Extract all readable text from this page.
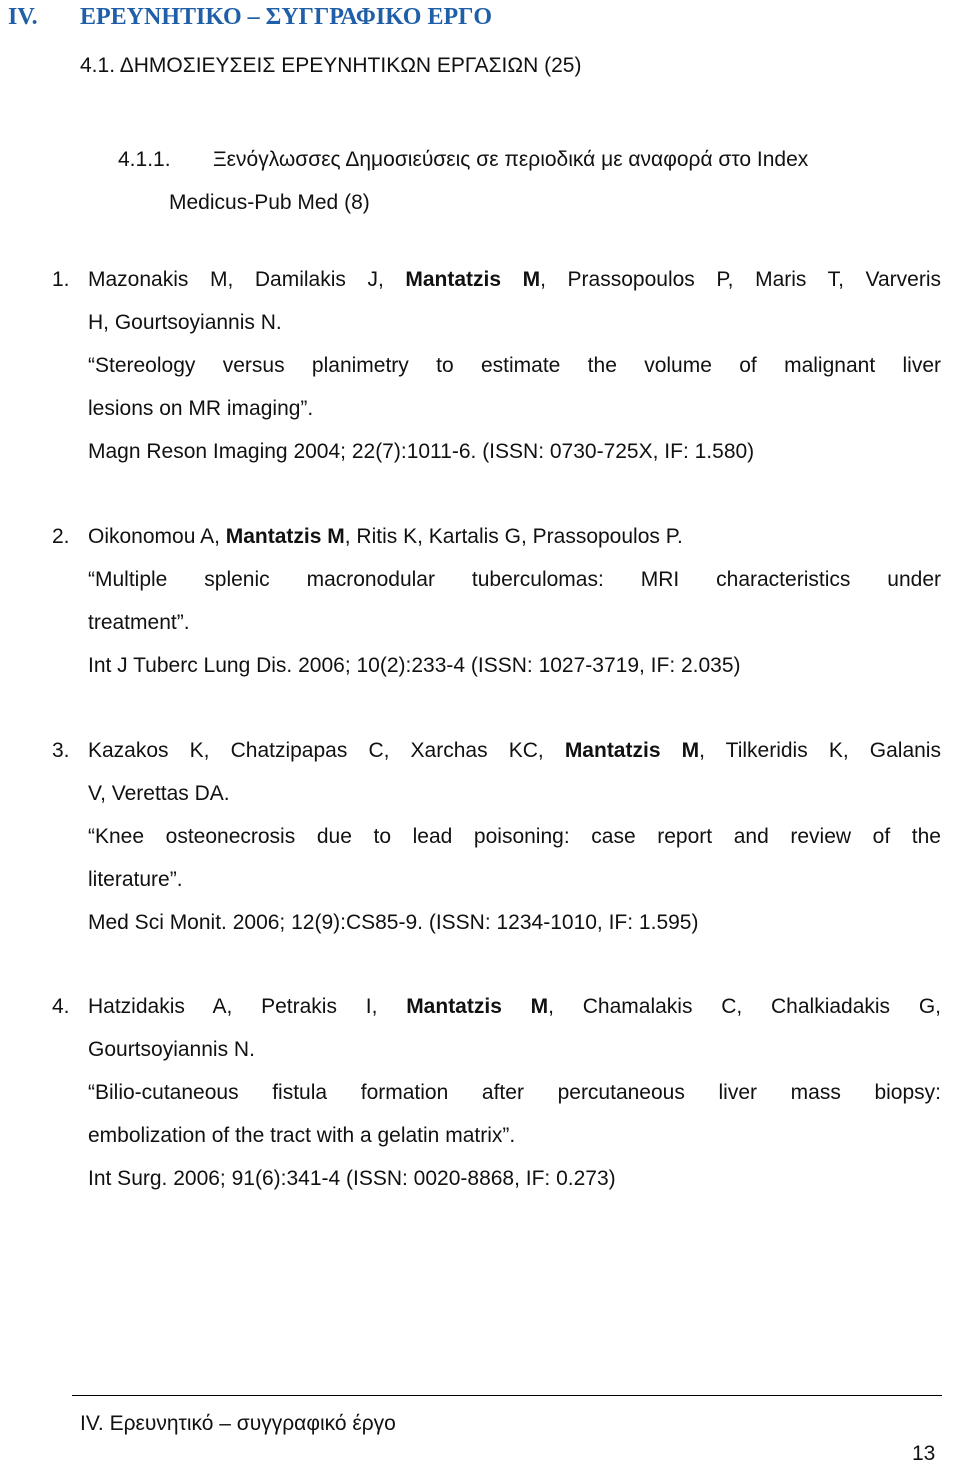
IV. ΕΡΕΥΝΗΤΙΚΟ – ΣΥΓΓΡΑΦΙΚΟ ΕΡΓΟ
4.1. ΔΗΜΟΣΙΕΥΣΕΙΣ ΕΡΕΥΝΗΤΙΚΩΝ ΕΡΓΑΣΙΩΝ (25)
4.1.1. Ξενόγλωσσες Δημοσιεύσεις σε περιοδικά με αναφορά στο Index
Medicus-Pub Med (8)
1. Mazonakis M, Damilakis J, Mantatzis M, Prassopoulos P, Maris T, Varveris
H, Gourtsoyiannis N.
“Stereology versus planimetry to estimate the volume of malignant liver
lesions on MR imaging”.
Magn Reson Imaging 2004; 22(7):1011-6. (ISSN: 0730-725X, IF: 1.580)
2. Oikonomou A, Mantatzis M, Ritis K, Kartalis G, Prassopoulos P.
“Multiple splenic macronodular tuberculomas: MRI characteristics under
treatment”.
Int J Tuberc Lung Dis. 2006; 10(2):233-4 (ISSN: 1027-3719, IF: 2.035)
3. Kazakos K, Chatzipapas C, Xarchas KC, Mantatzis M, Tilkeridis K, Galanis
V, Verettas DA.
“Knee osteonecrosis due to lead poisoning: case report and review of the
literature”.
Med Sci Monit. 2006; 12(9):CS85-9. (ISSN: 1234-1010, IF: 1.595)
4. Hatzidakis A, Petrakis I, Mantatzis M, Chamalakis C, Chalkiadakis G,
Gourtsoyiannis N.
“Bilio-cutaneous fistula formation after percutaneous liver mass biopsy:
embolization of the tract with a gelatin matrix”.
Int Surg. 2006; 91(6):341-4 (ISSN: 0020-8868, IF: 0.273)
IV. Ερευνητικό – συγγραφικό έργο
13
